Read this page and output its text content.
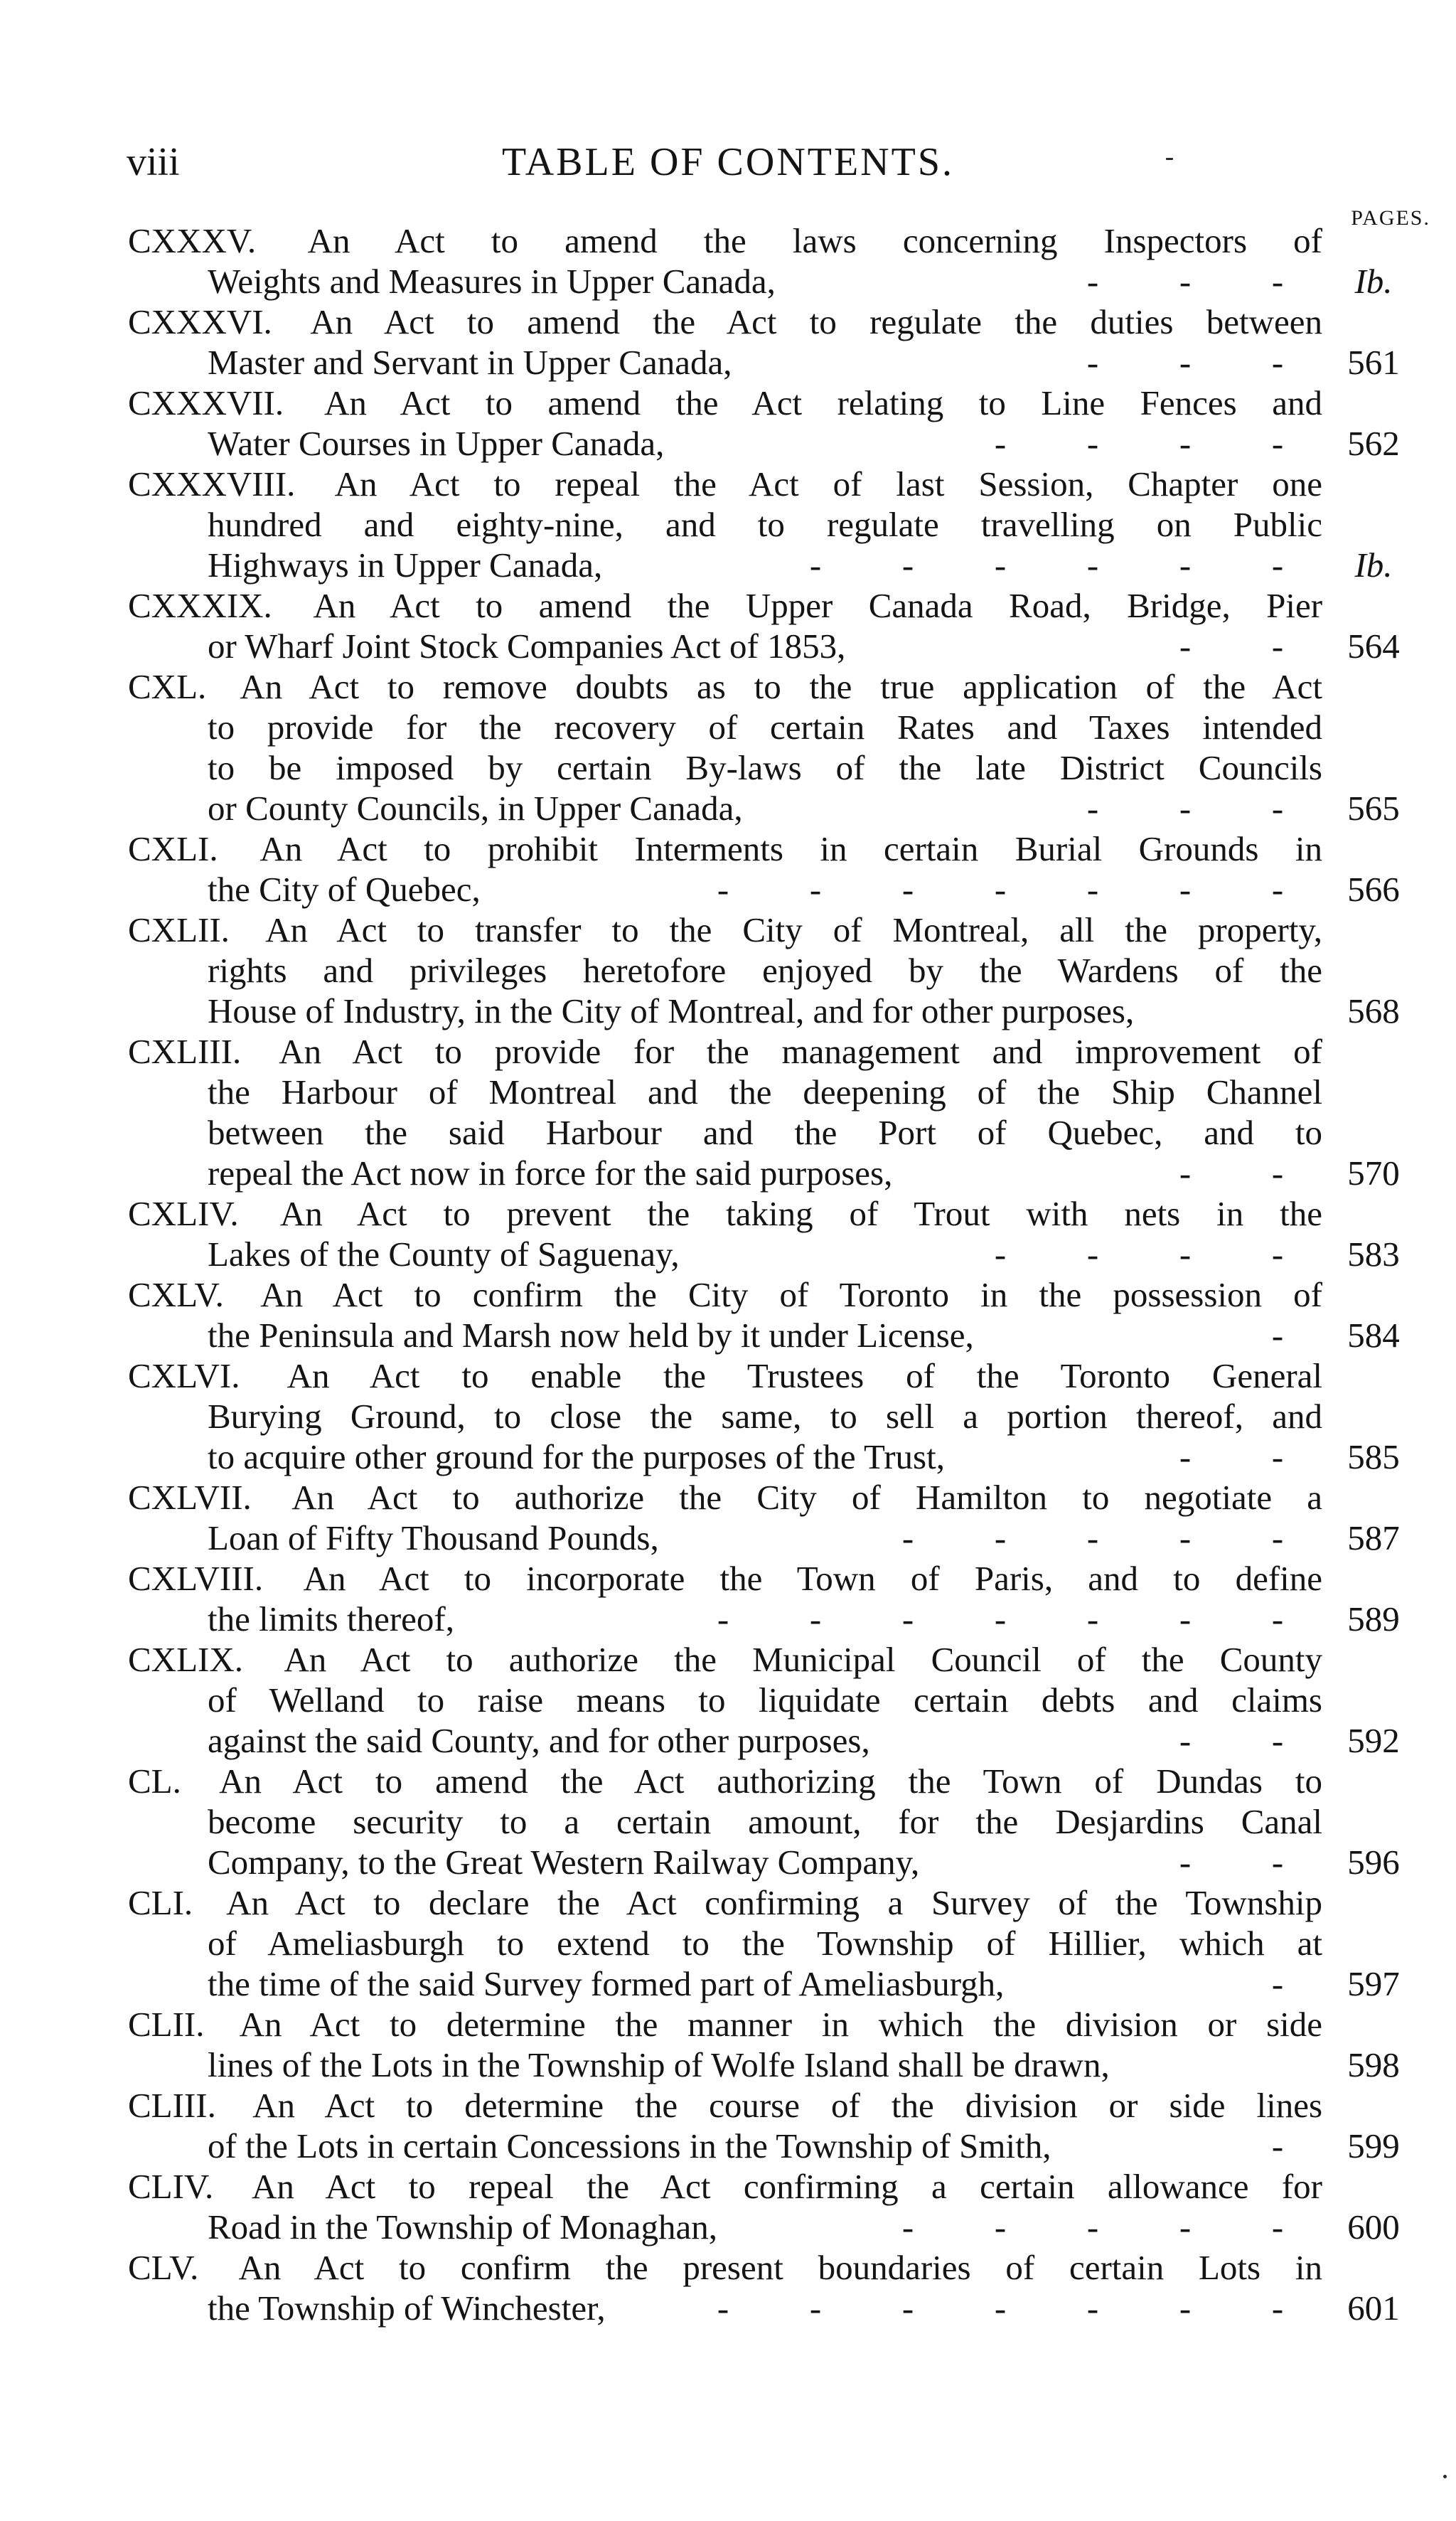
viii	TABLE OF CONTENTS.
PAGES.
CXXXV. An Act to amend the laws concerning Inspectors of
Weights and Measures in Upper Canada,	-	-	-	Ib.
CXXXVI. An Act to amend the Act to regulate the duties between
Master and Servant in Upper Canada,	-	-	-	561
CXXXVII. An Act to amend the Act relating to Line Fences and
Water Courses in Upper Canada,	-	-	-	-	562
CXXXVIII. An Act to repeal the Act of last Session, Chapter one
hundred and eighty-nine, and to regulate travelling on Public
Highways in Upper Canada,	-	-	-	-	-	-	Ib.
CXXXIX. An Act to amend the Upper Canada Road, Bridge, Pier
or Wharf Joint Stock Companies Act of 1853,	-	-	564
CXL. An Act to remove doubts as to the true application of the Act
to provide for the recovery of certain Rates and Taxes intended
to be imposed by certain By-laws of the late District Councils
or County Councils, in Upper Canada,	-	-	-	565
CXLI. An Act to prohibit Interments in certain Burial Grounds in
the City of Quebec,	-	-	-	-	-	-	-	566
CXLII. An Act to transfer to the City of Montreal, all the property,
rights and privileges heretofore enjoyed by the Wardens of the
House of Industry, in the City of Montreal, and for other purposes,	568
CXLIII. An Act to provide for the management and improvement of
the Harbour of Montreal and the deepening of the Ship Channel
between the said Harbour and the Port of Quebec, and to
repeal the Act now in force for the said purposes,	-	-	570
CXLIV. An Act to prevent the taking of Trout with nets in the
Lakes of the County of Saguenay,	-	-	-	-	583
CXLV. An Act to confirm the City of Toronto in the possession of
the Peninsula and Marsh now held by it under License,	-	584
CXLVI. An Act to enable the Trustees of the Toronto General
Burying Ground, to close the same, to sell a portion thereof, and
to acquire other ground for the purposes of the Trust,	-	-	585
CXLVII. An Act to authorize the City of Hamilton to negotiate a
Loan of Fifty Thousand Pounds,	-	-	-	-	-	587
CXLVIII. An Act to incorporate the Town of Paris, and to define
the limits thereof,	-	-	-	-	-	-	-	589
CXLIX. An Act to authorize the Municipal Council of the County
of Welland to raise means to liquidate certain debts and claims
against the said County, and for other purposes,	-	-	592
CL. An Act to amend the Act authorizing the Town of Dundas to
become security to a certain amount, for the Desjardins Canal
Company, to the Great Western Railway Company,	-	-	596
CLI. An Act to declare the Act confirming a Survey of the Township
of Ameliasburgh to extend to the Township of Hillier, which at
the time of the said Survey formed part of Ameliasburgh,	-	597
CLII. An Act to determine the manner in which the division or side
lines of the Lots in the Township of Wolfe Island shall be drawn,	598
CLIII. An Act to determine the course of the division or side lines
of the Lots in certain Concessions in the Township of Smith,	-	599
CLIV. An Act to repeal the Act confirming a certain allowance for
Road in the Township of Monaghan,	-	-	-	-	-	600
CLV. An Act to confirm the present boundaries of certain Lots in
the Township of Winchester,	-	-	-	-	-	-	-	601
